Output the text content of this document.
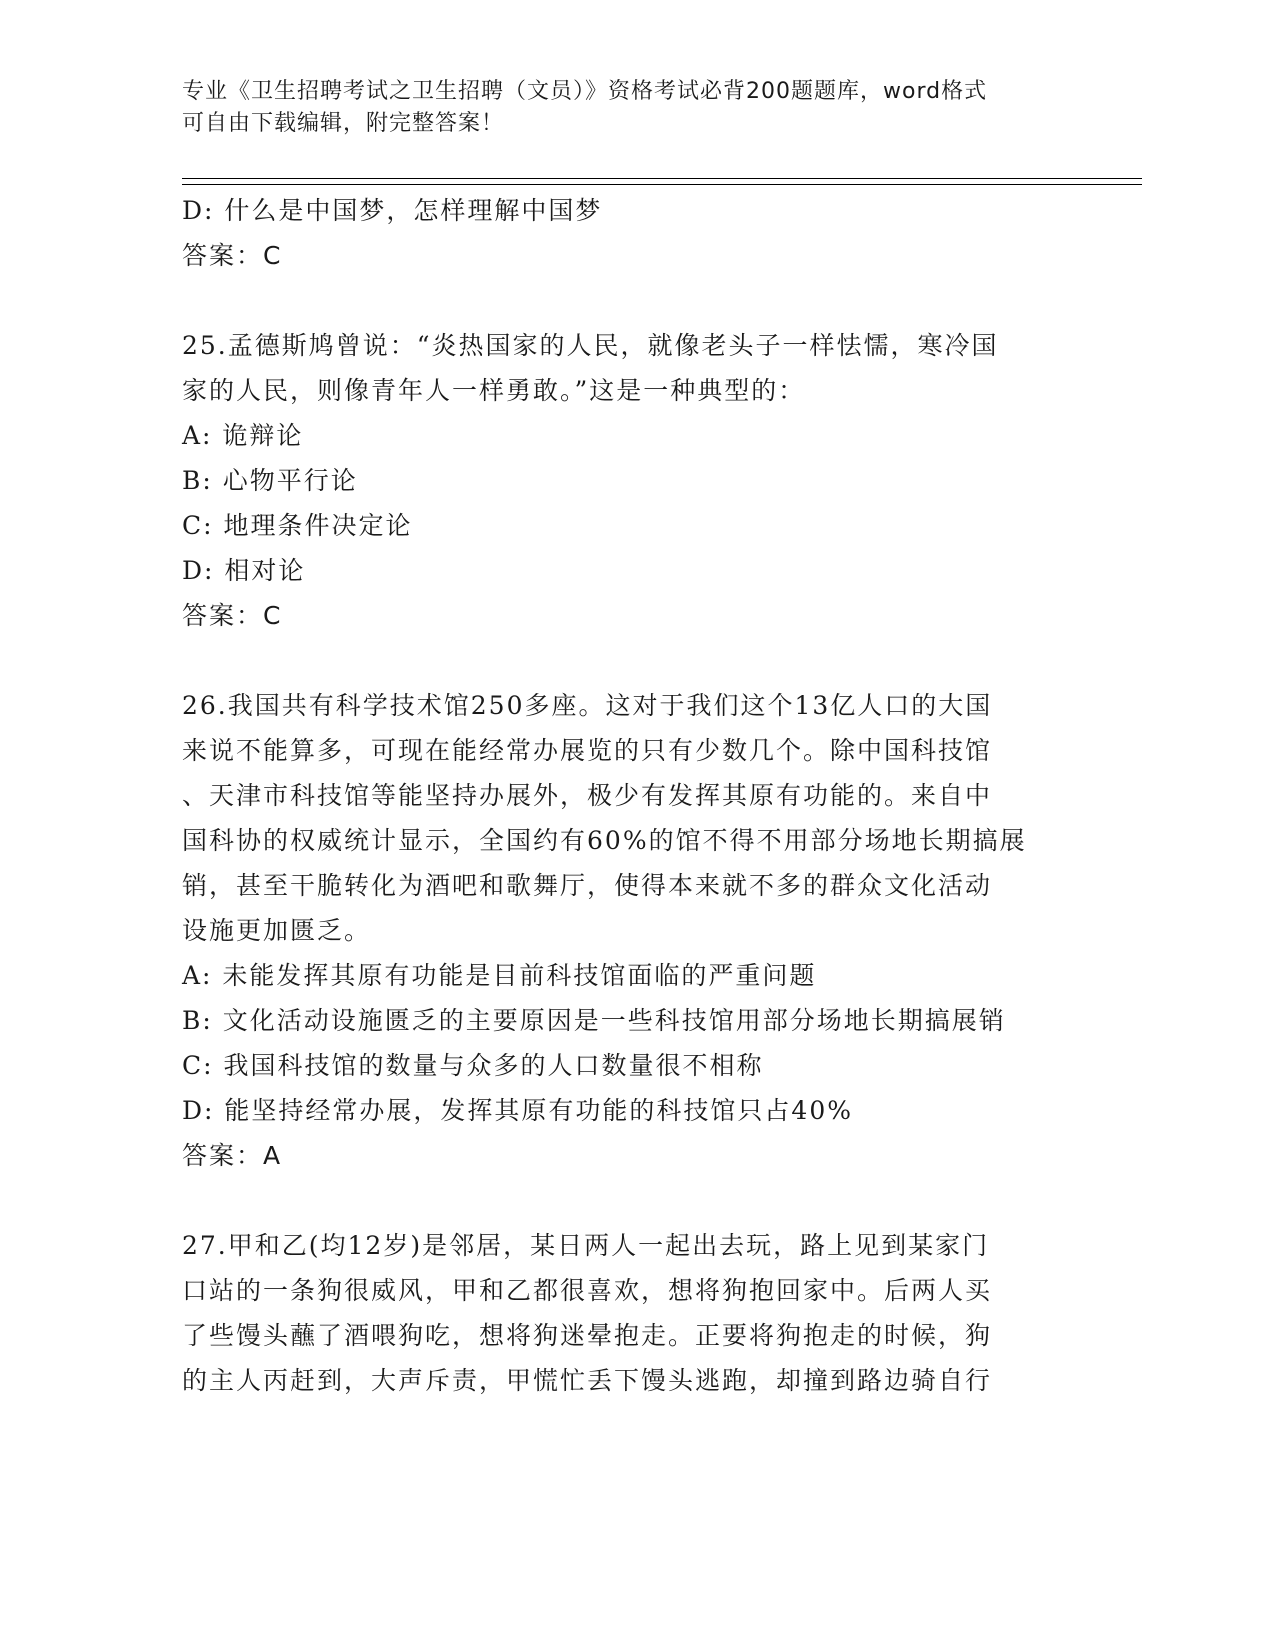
专业《卫生招聘考试之卫生招聘（文员）》资格考试必背200题题库，word格式
可自由下载编辑，附完整答案！
D: 什么是中国梦，怎样理解中国梦
答案：C
25.孟德斯鸠曾说：“炎热国家的人民，就像老头子一样怯懦，寒冷国
家的人民，则像青年人一样勇敢。”这是一种典型的：
A: 诡辩论
B: 心物平行论
C: 地理条件决定论
D: 相对论
答案：C
26.我国共有科学技术馆250多座。这对于我们这个13亿人口的大国
来说不能算多，可现在能经常办展览的只有少数几个。除中国科技馆
、天津市科技馆等能坚持办展外，极少有发挥其原有功能的。来自中
国科协的权威统计显示，全国约有60%的馆不得不用部分场地长期搞展
销，甚至干脆转化为酒吧和歌舞厅，使得本来就不多的群众文化活动
设施更加匮乏。
A: 未能发挥其原有功能是目前科技馆面临的严重问题
B: 文化活动设施匮乏的主要原因是一些科技馆用部分场地长期搞展销
C: 我国科技馆的数量与众多的人口数量很不相称
D: 能坚持经常办展，发挥其原有功能的科技馆只占40%
答案：A
27.甲和乙(均12岁)是邻居，某日两人一起出去玩，路上见到某家门
口站的一条狗很威风，甲和乙都很喜欢，想将狗抱回家中。后两人买
了些馒头蘸了酒喂狗吃，想将狗迷晕抱走。正要将狗抱走的时候，狗
的主人丙赶到，大声斥责，甲慌忙丢下馒头逃跑，却撞到路边骑自行
